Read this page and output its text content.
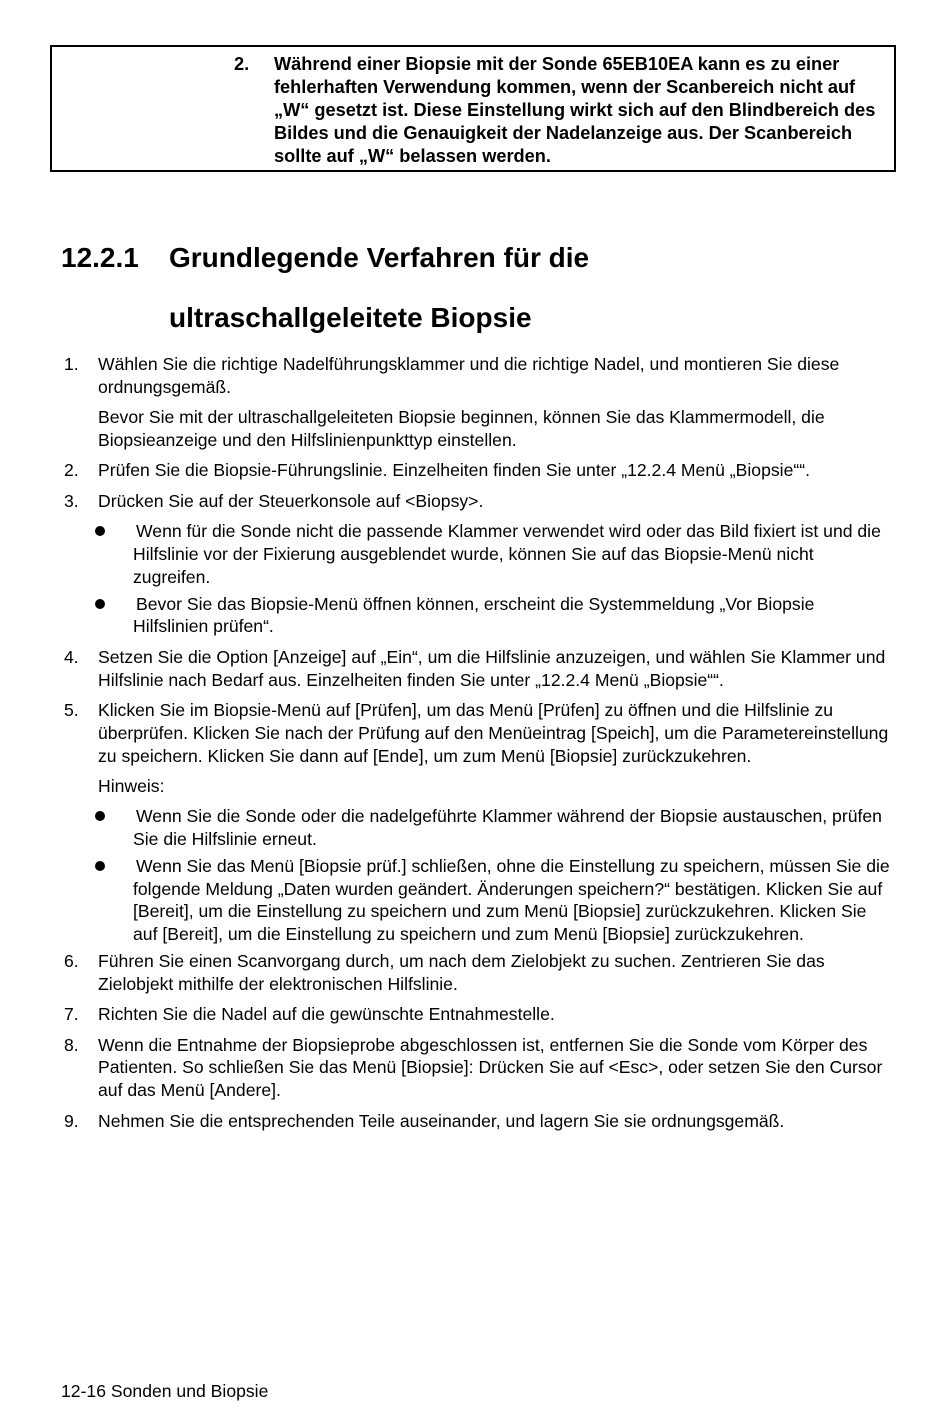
2. Während einer Biopsie mit der Sonde 65EB10EA kann es zu einer fehlerhaften Verwendung kommen, wenn der Scanbereich nicht auf „W“ gesetzt ist. Diese Einstellung wirkt sich auf den Blindbereich des Bildes und die Genauigkeit der Nadelanzeige aus. Der Scanbereich sollte auf „W“ belassen werden.
12.2.1 Grundlegende Verfahren für die ultraschallgeleitete Biopsie
1. Wählen Sie die richtige Nadelführungsklammer und die richtige Nadel, und montieren Sie diese ordnungsgemäß.

Bevor Sie mit der ultraschallgeleiteten Biopsie beginnen, können Sie das Klammermodell, die Biopsieanzeige und den Hilfslinienpunkttyp einstellen.

2. Prüfen Sie die Biopsie-Führungslinie. Einzelheiten finden Sie unter „12.2.4 Menü „Biopsie““.
3. Drücken Sie auf der Steuerkonsole auf <Biopsy>.
Wenn für die Sonde nicht die passende Klammer verwendet wird oder das Bild fixiert ist und die Hilfslinie vor der Fixierung ausgeblendet wurde, können Sie auf das Biopsie-Menü nicht zugreifen.
Bevor Sie das Biopsie-Menü öffnen können, erscheint die Systemmeldung „Vor Biopsie Hilfslinien prüfen“.
4. Setzen Sie die Option [Anzeige] auf „Ein“, um die Hilfslinie anzuzeigen, und wählen Sie Klammer und Hilfslinie nach Bedarf aus. Einzelheiten finden Sie unter „12.2.4 Menü „Biopsie““.
5. Klicken Sie im Biopsie-Menü auf [Prüfen], um das Menü [Prüfen] zu öffnen und die Hilfslinie zu überprüfen. Klicken Sie nach der Prüfung auf den Menüeintrag [Speich], um die Parametereinstellung zu speichern. Klicken Sie dann auf [Ende], um zum Menü [Biopsie] zurückzukehren.

Hinweis:

Wenn Sie die Sonde oder die nadelgeführte Klammer während der Biopsie austauschen, prüfen Sie die Hilfslinie erneut.
Wenn Sie das Menü [Biopsie prüf.] schließen, ohne die Einstellung zu speichern, müssen Sie die folgende Meldung „Daten wurden geändert. Änderungen speichern?“ bestätigen. Klicken Sie auf [Bereit], um die Einstellung zu speichern und zum Menü [Biopsie] zurückzukehren. Klicken Sie auf [Bereit], um die Einstellung zu speichern und zum Menü [Biopsie] zurückzukehren.
6. Führen Sie einen Scanvorgang durch, um nach dem Zielobjekt zu suchen. Zentrieren Sie das Zielobjekt mithilfe der elektronischen Hilfslinie.
7. Richten Sie die Nadel auf die gewünschte Entnahmestelle.
8. Wenn die Entnahme der Biopsieprobe abgeschlossen ist, entfernen Sie die Sonde vom Körper des Patienten. So schließen Sie das Menü [Biopsie]: Drücken Sie auf <Esc>, oder setzen Sie den Cursor auf das Menü [Andere].
9. Nehmen Sie die entsprechenden Teile auseinander, und lagern Sie sie ordnungsgemäß.
12-16 Sonden und Biopsie
